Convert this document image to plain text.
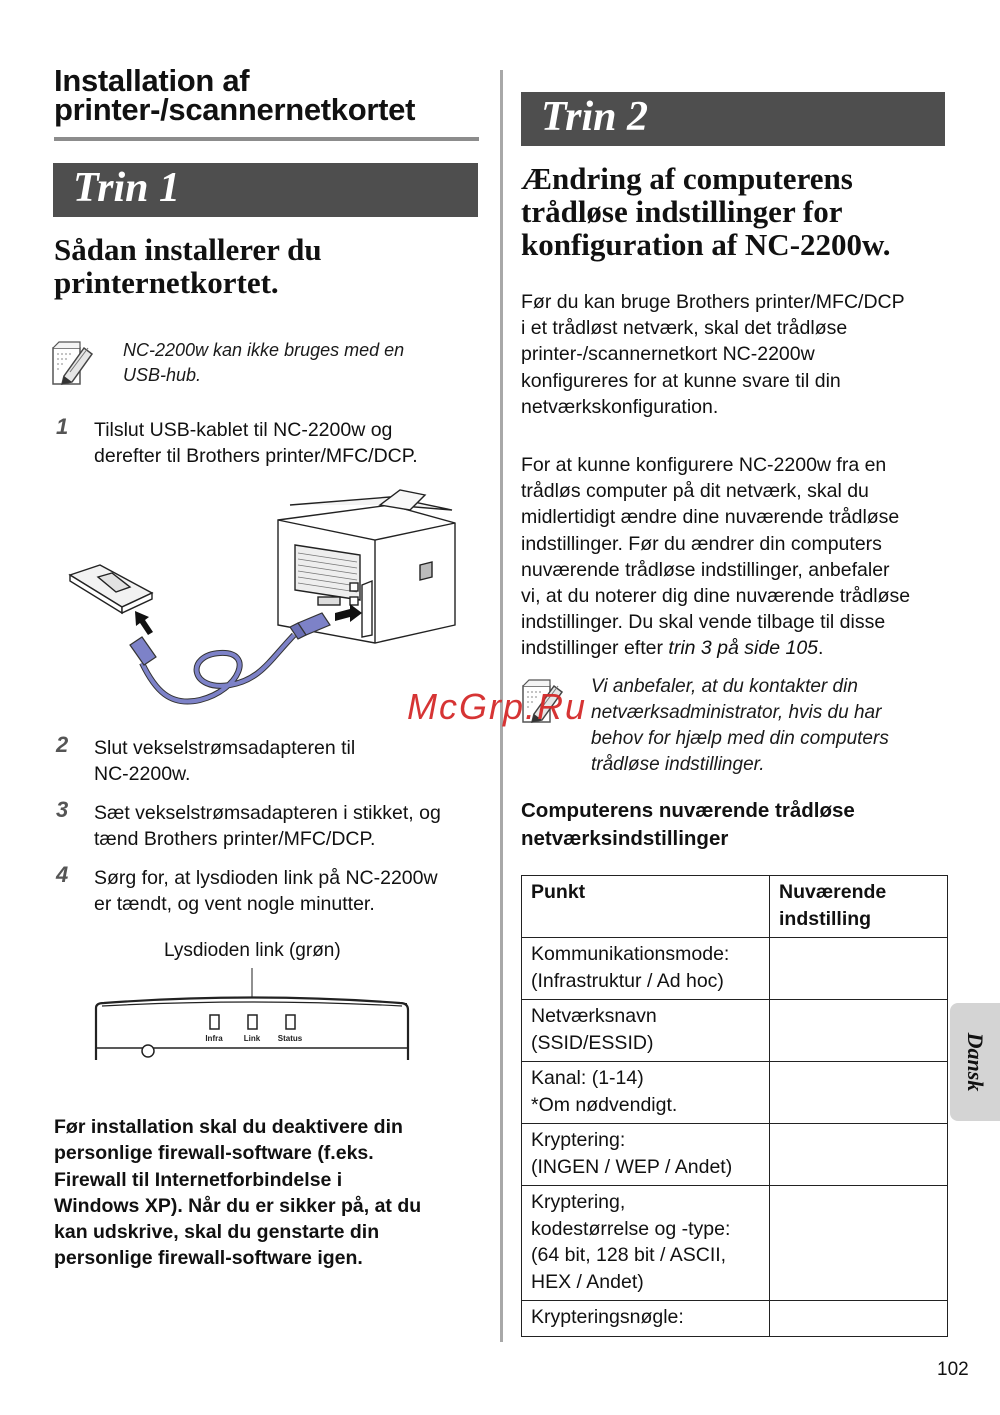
Installation af
printer-/scannernetkortet
Trin 1
Sådan installerer du
printernetkortet.
NC-2200w kan ikke bruges med en
USB-hub.
1 Tilslut USB-kablet til NC-2200w og
derefter til Brothers printer/MFC/DCP.
2 Slut vekselstrømsadapteren til
NC-2200w.
3 Sæt vekselstrømsadapteren i stikket, og
tænd Brothers printer/MFC/DCP.
4 Sørg for, at lysdioden link på NC-2200w
er tændt, og vent nogle minutter.
Lysdioden link (grøn)
Infra	Link Status
Før installation skal du deaktivere din
personlige firewall-software (f.eks.
Firewall til Internetforbindelse i
Windows XP). Når du er sikker på, at du
kan udskrive, skal du genstarte din
personlige firewall-software igen.
Trin 2
Ændring af computerens
trådløse indstillinger for
konfiguration af NC-2200w.
Før du kan bruge Brothers printer/MFC/DCP
i et trådløst netværk, skal det trådløse
printer-/scannernetkort NC-2200w
konfigureres for at kunne svare til din
netværkskonfiguration.
For at kunne konfigurere NC-2200w fra en
trådløs computer på dit netværk, skal du
midlertidigt ændre dine nuværende trådløse
indstillinger. Før du ændrer din computers
nuværende trådløse indstillinger, anbefaler
vi, at du noterer dig dine nuværende trådløse
indstillinger. Du skal vende tilbage til disse
indstillinger efter trin 3 på side 105.
Vi anbefaler, at du kontakter din
netværksadministrator, hvis du har
behov for hjælp med din computers
trådløse indstillinger.
McGrp.Ru
Computerens nuværende trådløse
netværksindstillinger
Punkt	Nuværende indstilling

Kommunikationsmode:
(Infrastruktur / Ad hoc)	

Netværksnavn
(SSID/ESSID)	

Kanal: (1-14)
*Om nødvendigt.	

Kryptering:
(INGEN / WEP / Andet)	

Kryptering,
kodestørrelse og -type:
(64 bit, 128 bit / ASCII,
HEX / Andet)	

Krypteringsnøgle:	

Dansk
102
